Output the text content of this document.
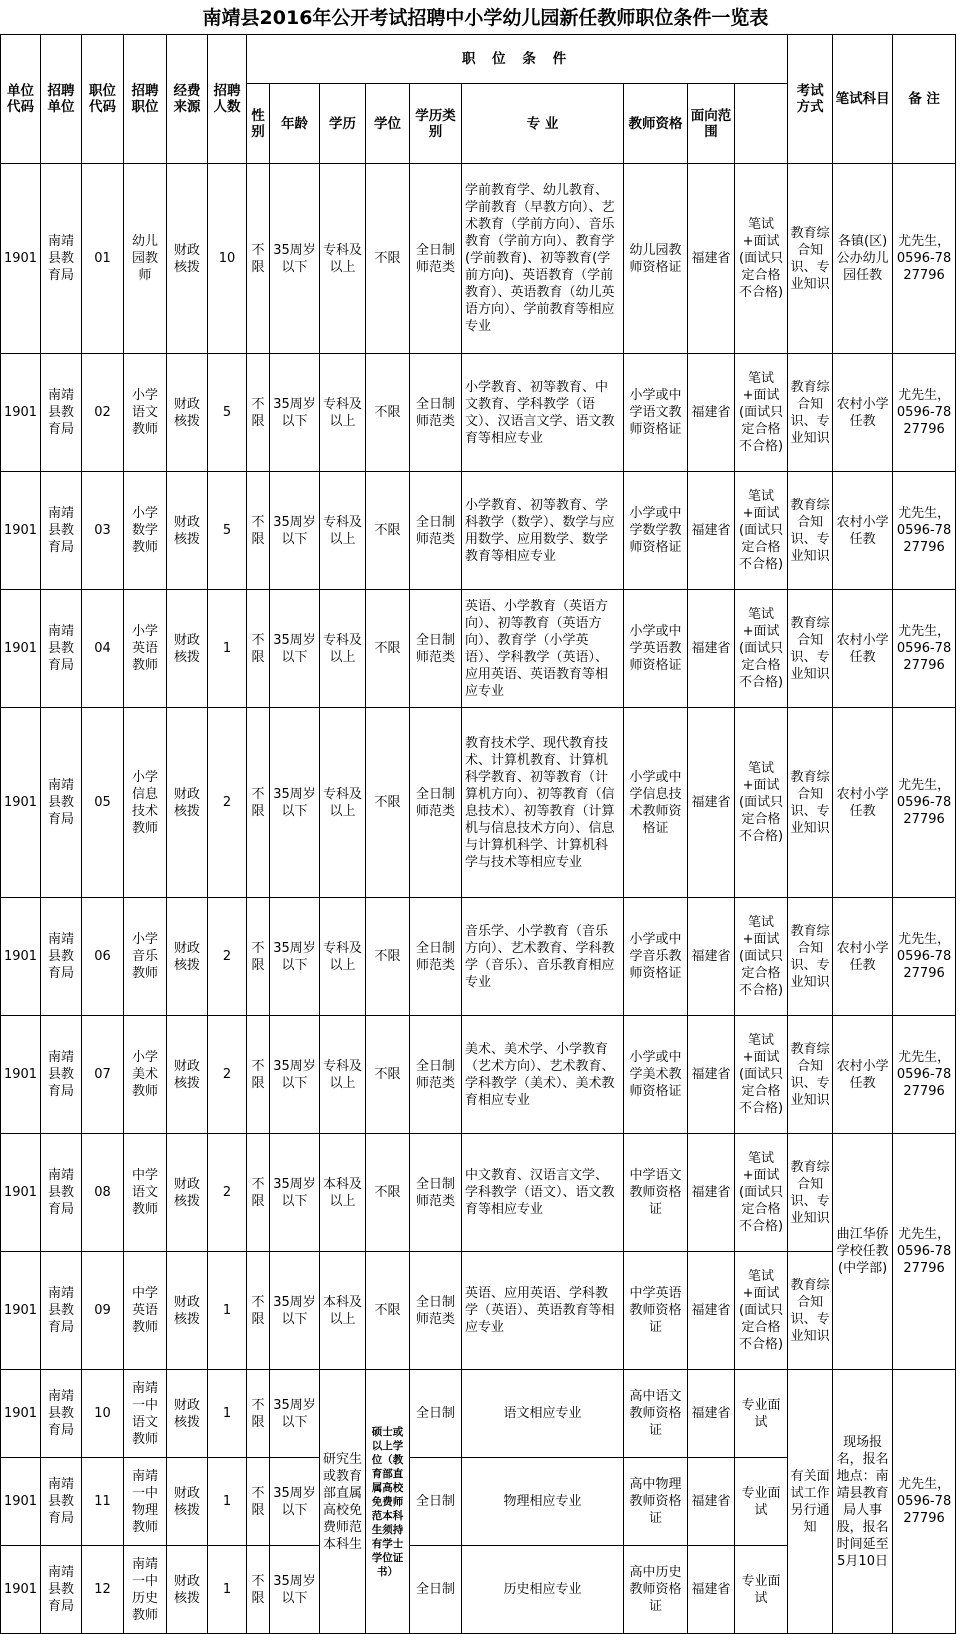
南靖县2016年公开考试招聘中小学幼儿园新任教师职位条件一览表
单位代码	招聘单位	职位代码	招聘职位	经费来源	招聘人数	职 位 条 件									考试方式	笔试科目	备 注	
						性别	年龄	学历	学位	学历类别	专 业	教师资格	面向范围					
1901	南靖县教育局	01	幼儿园教师	财政核拨	10	不限	35周岁以下	专科及以上	不限	全日制师范类	学前教育学、幼儿教育、学前教育（早教方向）、艺术教育（学前方向）、音乐教育（学前方向）、教育学(学前教育)、初等教育(学前方向)、英语教育（学前教育）、英语教育（幼儿英语方向）、学前教育等相应专业	幼儿园教师资格证	福建省	笔试+面试(面试只定合格不合格)	教育综合知识、专业知识	各镇(区)公办幼儿园任教	尤先生，0596-7827796	
1901	南靖县教育局	02	小学语文教师	财政核拨	5	不限	35周岁以下	专科及以上	不限	全日制师范类	小学教育、初等教育、中文教育、学科教学（语文）、汉语言文学、语文教育等相应专业	小学或中学语文教师资格证	福建省	笔试+面试(面试只定合格不合格)	教育综合知识、专业知识	农村小学任教	尤先生，0596-7827796	
1901	南靖县教育局	03	小学数学教师	财政核拨	5	不限	35周岁以下	专科及以上	不限	全日制师范类	小学教育、初等教育、学科教学（数学）、数学与应用数学、应用数学、数学教育等相应专业	小学或中学数学教师资格证	福建省	笔试+面试(面试只定合格不合格)	教育综合知识、专业知识	农村小学任教	尤先生，0596-7827796	
1901	南靖县教育局	04	小学英语教师	财政核拨	1	不限	35周岁以下	专科及以上	不限	全日制师范类	英语、小学教育（英语方向）、初等教育（英语方向）、教育学（小学英语）、学科教学（英语）、应用英语、英语教育等相应专业	小学或中学英语教师资格证	福建省	笔试+面试(面试只定合格不合格)	教育综合知识、专业知识	农村小学任教	尤先生，0596-7827796	
1901	南靖县教育局	05	小学信息技术教师	财政核拨	2	不限	35周岁以下	专科及以上	不限	全日制师范类	教育技术学、现代教育技术、计算机教育、计算机科学教育、初等教育（计算机方向）、初等教育（信息技术）、初等教育（计算机与信息技术方向）、信息与计算机科学、计算机科学与技术等相应专业	小学或中学信息技术教师资格证	福建省	笔试+面试(面试只定合格不合格)	教育综合知识、专业知识	农村小学任教	尤先生，0596-7827796	
1901	南靖县教育局	06	小学音乐教师	财政核拨	2	不限	35周岁以下	专科及以上	不限	全日制师范类	音乐学、小学教育（音乐方向）、艺术教育、学科教学（音乐）、音乐教育相应专业	小学或中学音乐教师资格证	福建省	笔试+面试(面试只定合格不合格)	教育综合知识、专业知识	农村小学任教	尤先生，0596-7827796	
1901	南靖县教育局	07	小学美术教师	财政核拨	2	不限	35周岁以下	专科及以上	不限	全日制师范类	美术、美术学、小学教育（艺术方向）、艺术教育、学科教学（美术）、美术教育相应专业	小学或中学美术教师资格证	福建省	笔试+面试(面试只定合格不合格)	教育综合知识、专业知识	农村小学任教	尤先生，0596-7827796	
1901	南靖县教育局	08	中学语文教师	财政核拨	2	不限	35周岁以下	本科及以上	不限	全日制师范类	中文教育、汉语言文学、学科教学（语文）、语文教育等相应专业	中学语文教师资格证	福建省	笔试+面试(面试只定合格不合格)	教育综合知识、专业知识	曲江华侨学校任教(中学部)	尤先生，0596-7827796	
1901	南靖县教育局	09	中学英语教师	财政核拨	1	不限	35周岁以下	本科及以上	不限	全日制师范类	英语、应用英语、学科教学（英语）、英语教育等相应专业	中学英语教师资格证	福建省	笔试+面试(面试只定合格不合格)	教育综合知识、专业知识			
1901	南靖县教育局	10	南靖一中语文教师	财政核拨	1	不限	35周岁以下	研究生或教育部直属高校免费师范本科生	硕士或以上学位（教育部直属高校免费师范本科生须持有学士学位证书）	全日制	语文相应专业	高中语文教师资格证	福建省	专业面试	有关面试工作另行通知	现场报名，报名地点：南靖县教育局人事股，报名时间延至5月10日	尤先生，0596-7827796	
1901	南靖县教育局	11	南靖一中物理教师	财政核拨	1	不限	35周岁以下			全日制	物理相应专业	高中物理教师资格证	福建省	专业面试				
1901	南靖县教育局	12	南靖一中历史教师	财政核拨	1	不限	35周岁以下			全日制	历史相应专业	高中历史教师资格证	福建省	专业面试				
